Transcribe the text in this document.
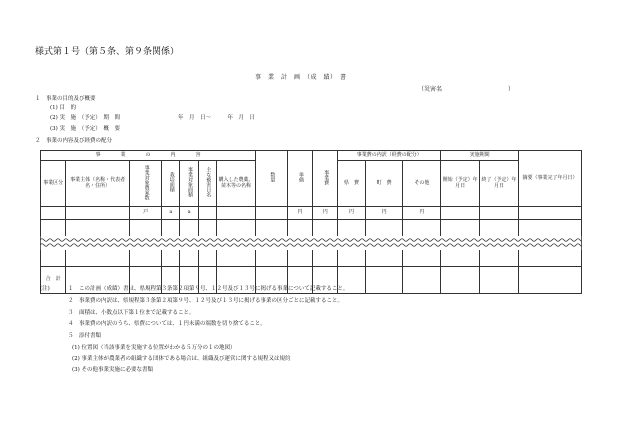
様式第１号（第５条、第９条関係）
事　業　計　画　（成　績）　書
（災害名　　　　　　　　　　　）
１　事業の目的及び概要
(1) 目　的
(2) 実　施　（予定）　期　間	年　月　日～　　　年　月　日
(3) 実　施　（予定）　概　要
２　事業の内容及び経費の配分
事　　　　業　　　　の　　　　内　　　　容							数量	単価	事業費	事業費の内訳（経費の配分）			実施期間		摘要（事業完了年月日）
事業区分	事業主体（名称・代表者名・住所）	事業対象農家数	栽培面積	事業対象面積	主な被害日名	購入した農薬、苗木等の名称				県　費	町　費	その他	開始（予定）年月日	終了（予定）年月日	
		戸	a	a				円	円	円	円	円			

合　計															
(注)	１　この計画（成績）書は、県規程第３条第２項第９号、１２号及び１３号に掲げる事業について記載すること。
２　事業費の内訳は、県規程第３条第２項第９号、１２号及び１３号に掲げる事業の区分ごとに記載すること。
３　面積は、小数点以下第１位まで記載すること。
４　事業費の内訳のうち、県費については、１円未満の端数を切り捨てること。
５　添付書類
(1) 位置図（当該事業を実施する位置がわかる５万分の１の地図）
(2) 事業主体が農業者の組織する団体である場合は、組織及び運営に関する規程又は規約
(3) その他事業実施に必要な書類
